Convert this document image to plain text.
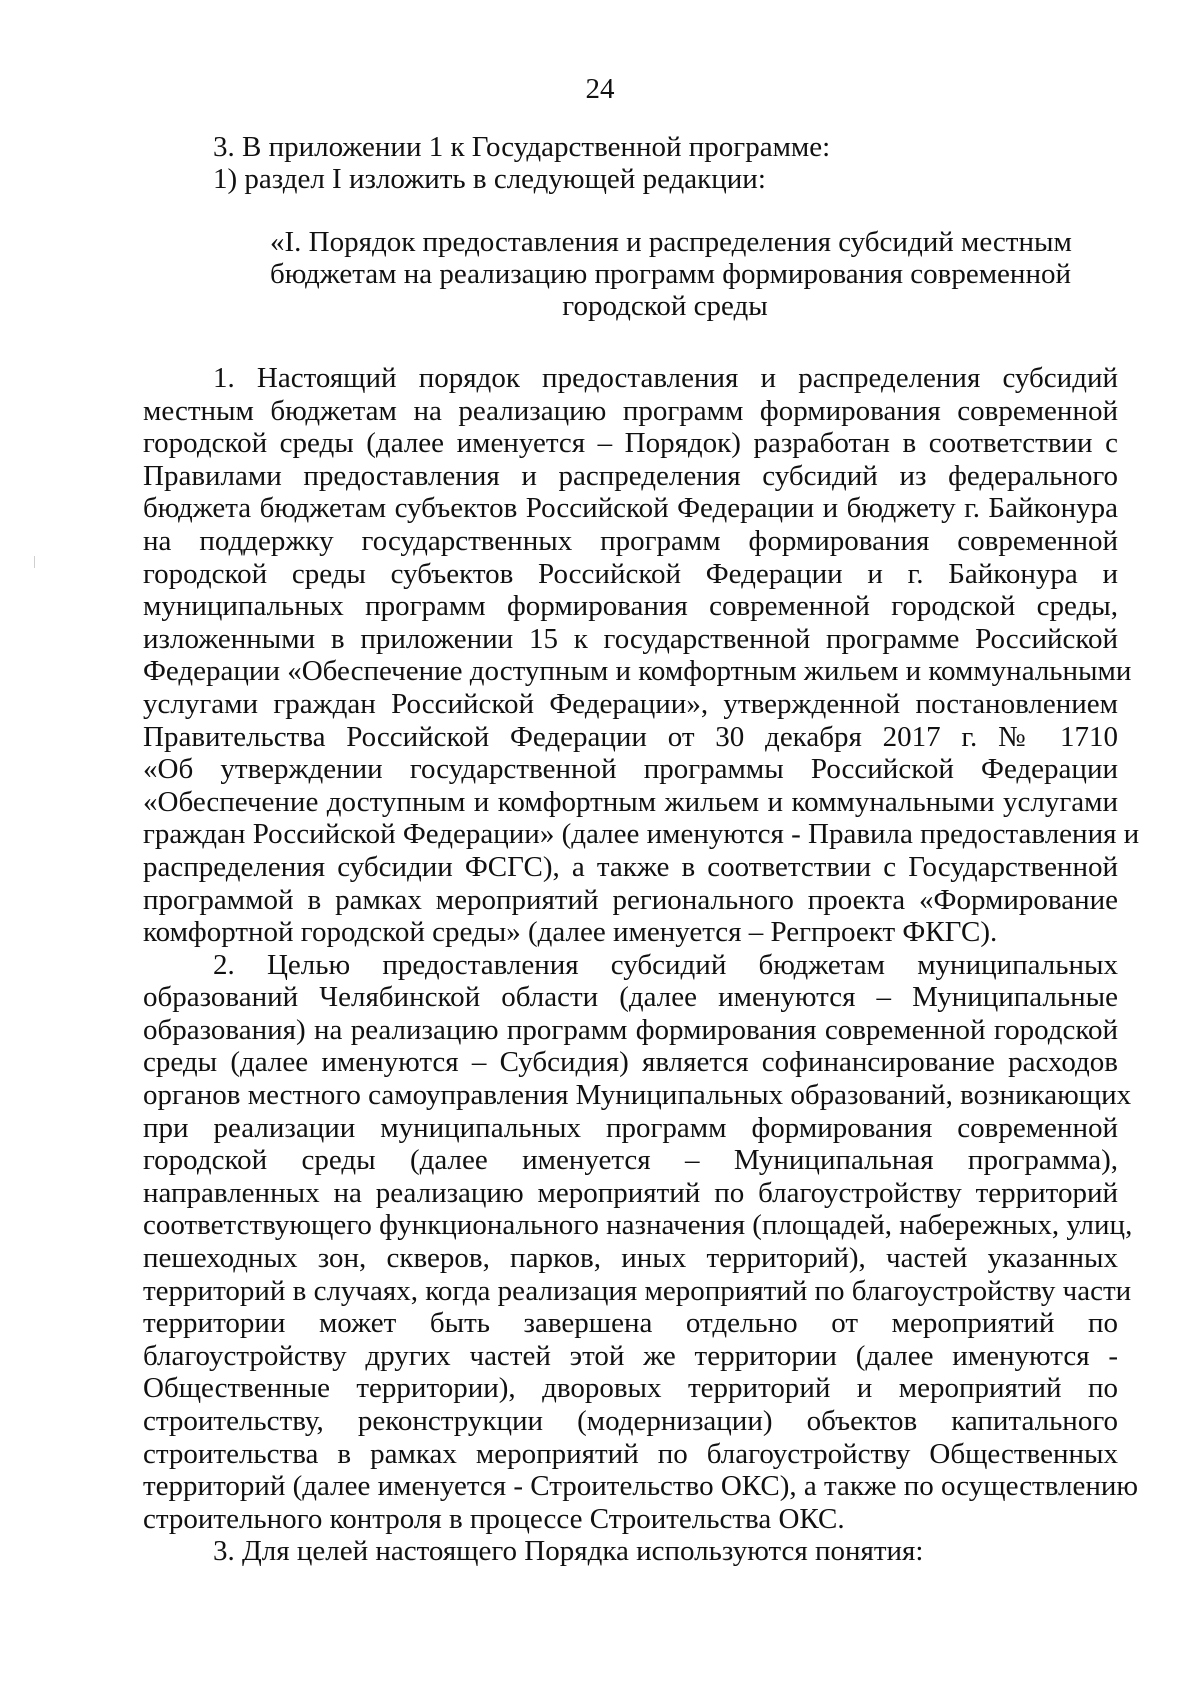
24
3. В приложении 1 к Государственной программе:
1) раздел I изложить в следующей редакции:
«I. Порядок предоставления и распределения субсидий местным
бюджетам на реализацию программ формирования современной
городской среды
1. Настоящий порядок предоставления и распределения субсидий
местным бюджетам на реализацию программ формирования современной
городской среды (далее именуется – Порядок) разработан в соответствии с
Правилами предоставления и распределения субсидий из федерального
бюджета бюджетам субъектов Российской Федерации и бюджету г. Байконура
на поддержку государственных программ формирования современной
городской среды субъектов Российской Федерации и г. Байконура и
муниципальных программ формирования современной городской среды,
изложенными в приложении 15 к государственной программе Российской
Федерации «Обеспечение доступным и комфортным жильем и коммунальными
услугами граждан Российской Федерации», утвержденной постановлением
Правительства Российской Федерации от 30 декабря 2017 г. № 1710
«Об утверждении государственной программы Российской Федерации
«Обеспечение доступным и комфортным жильем и коммунальными услугами
граждан Российской Федерации» (далее именуются - Правила предоставления и
распределения субсидии ФСГС), а также в соответствии с Государственной
программой в рамках мероприятий регионального проекта «Формирование
комфортной городской среды» (далее именуется – Регпроект ФКГС).
2. Целью предоставления субсидий бюджетам муниципальных
образований Челябинской области (далее именуются – Муниципальные
образования) на реализацию программ формирования современной городской
среды (далее именуются – Субсидия) является софинансирование расходов
органов местного самоуправления Муниципальных образований, возникающих
при реализации муниципальных программ формирования современной
городской среды (далее именуется – Муниципальная программа),
направленных на реализацию мероприятий по благоустройству территорий
соответствующего функционального назначения (площадей, набережных, улиц,
пешеходных зон, скверов, парков, иных территорий), частей указанных
территорий в случаях, когда реализация мероприятий по благоустройству части
территории может быть завершена отдельно от мероприятий по
благоустройству других частей этой же территории (далее именуются -
Общественные территории), дворовых территорий и мероприятий по
строительству, реконструкции (модернизации) объектов капитального
строительства в рамках мероприятий по благоустройству Общественных
территорий (далее именуется - Строительство ОКС), а также по осуществлению
строительного контроля в процессе Строительства ОКС.
3. Для целей настоящего Порядка используются понятия:
